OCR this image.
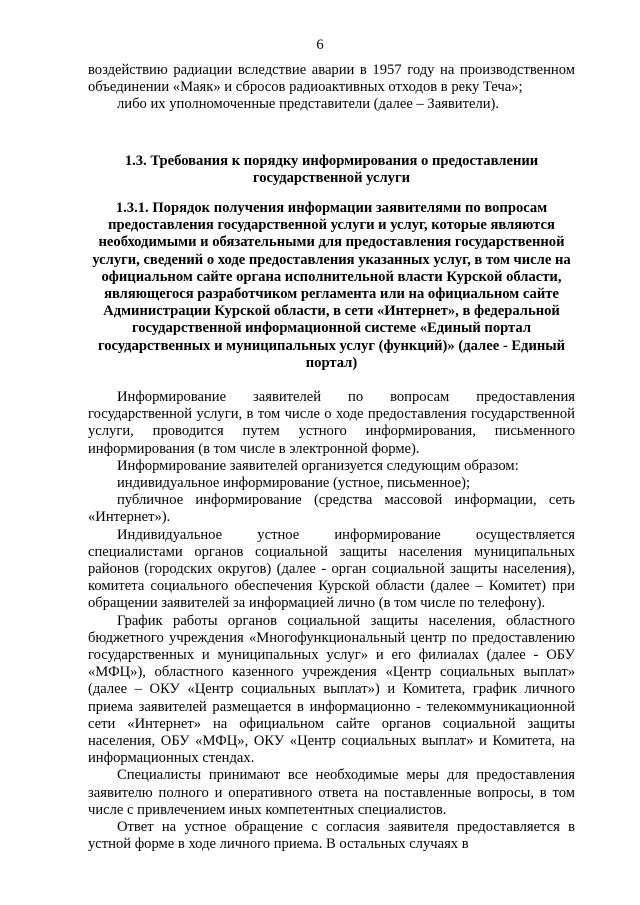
6

воздействию радиации вследствие аварии в 1957 году на производственном объединении «Маяк» и сбросов радиоактивных отходов в реку Теча»;

либо их уполномоченные представители (далее – Заявители).

1.3. Требования к порядку информирования о предоставлении государственной услуги

1.3.1. Порядок получения информации заявителями по вопросам предоставления государственной услуги и услуг, которые являются необходимыми и обязательными для предоставления государственной услуги, сведений о ходе предоставления указанных услуг, в том числе на официальном сайте органа исполнительной власти Курской области, являющегося разработчиком регламента или на официальном сайте Администрации Курской области, в сети «Интернет», в федеральной государственной информационной системе «Единый портал государственных и муниципальных услуг (функций)» (далее - Единый портал)

Информирование заявителей по вопросам предоставления государственной услуги, в том числе о ходе предоставления государственной услуги, проводится путем устного информирования, письменного информирования (в том числе в электронной форме).

Информирование заявителей организуется следующим образом:

индивидуальное информирование (устное, письменное);

публичное информирование (средства массовой информации, сеть «Интернет»).

Индивидуальное устное информирование осуществляется специалистами органов социальной защиты населения муниципальных районов (городских округов) (далее - орган социальной защиты населения), комитета социального обеспечения Курской области (далее – Комитет) при обращении заявителей за информацией лично (в том числе по телефону).

График работы органов социальной защиты населения, областного бюджетного учреждения «Многофункциональный центр по предоставлению государственных и муниципальных услуг» и его филиалах (далее - ОБУ «МФЦ»), областного казенного учреждения «Центр социальных выплат» (далее – ОКУ «Центр социальных выплат») и Комитета, график личного приема заявителей размещается в информационно - телекоммуникационной сети «Интернет» на официальном сайте органов социальной защиты населения, ОБУ «МФЦ», ОКУ «Центр социальных выплат» и Комитета, на информационных стендах.

Специалисты принимают все необходимые меры для предоставления заявителю полного и оперативного ответа на поставленные вопросы, в том числе с привлечением иных компетентных специалистов.

Ответ на устное обращение с согласия заявителя предоставляется в устной форме в ходе личного приема. В остальных случаях в
